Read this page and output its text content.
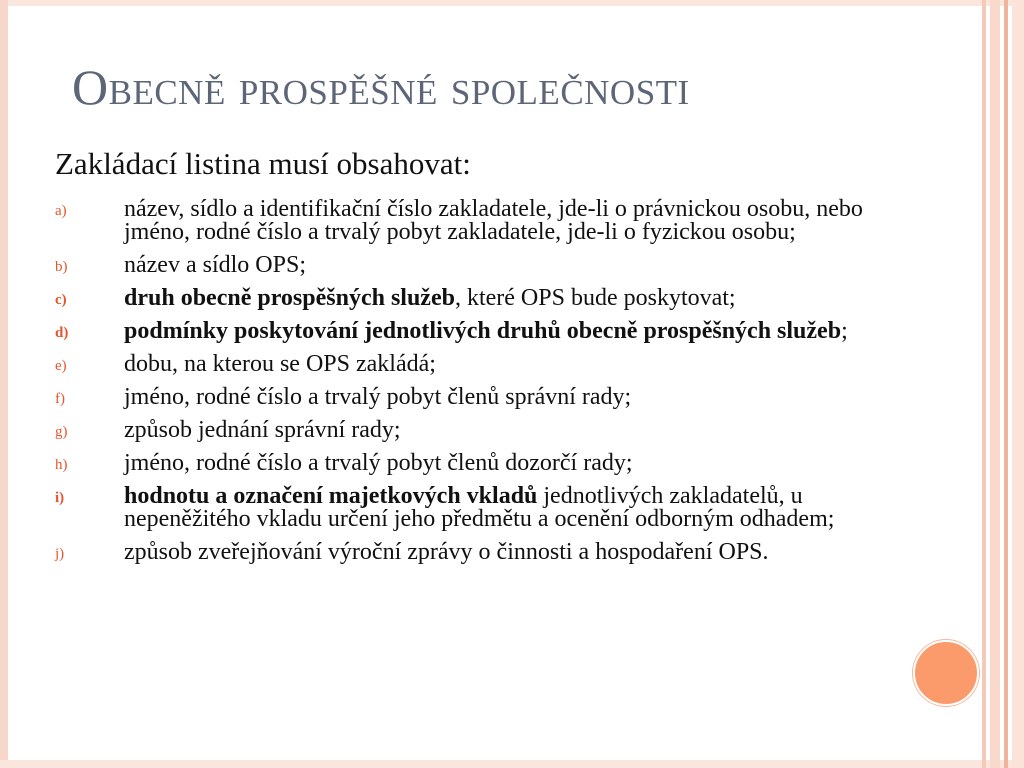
Obecně prospěšné společnosti
Zakládací listina musí obsahovat:
a) název, sídlo a identifikační číslo zakladatele, jde-li o právnickou osobu, nebo jméno, rodné číslo a trvalý pobyt zakladatele, jde-li o fyzickou osobu;
b) název a sídlo OPS;
c) druh obecně prospěšných služeb, které OPS bude poskytovat;
d) podmínky poskytování jednotlivých druhů obecně prospěšných služeb;
e) dobu, na kterou se OPS zakládá;
f) jméno, rodné číslo a trvalý pobyt členů správní rady;
g) způsob jednání správní rady;
h) jméno, rodné číslo a trvalý pobyt členů dozorčí rady;
i) hodnotu a označení majetkových vkladů jednotlivých zakladatelů, u nepeněžitého vkladu určení jeho předmětu a ocenění odborným odhadem;
j) způsob zveřejňování výroční zprávy o činnosti a hospodaření OPS.
